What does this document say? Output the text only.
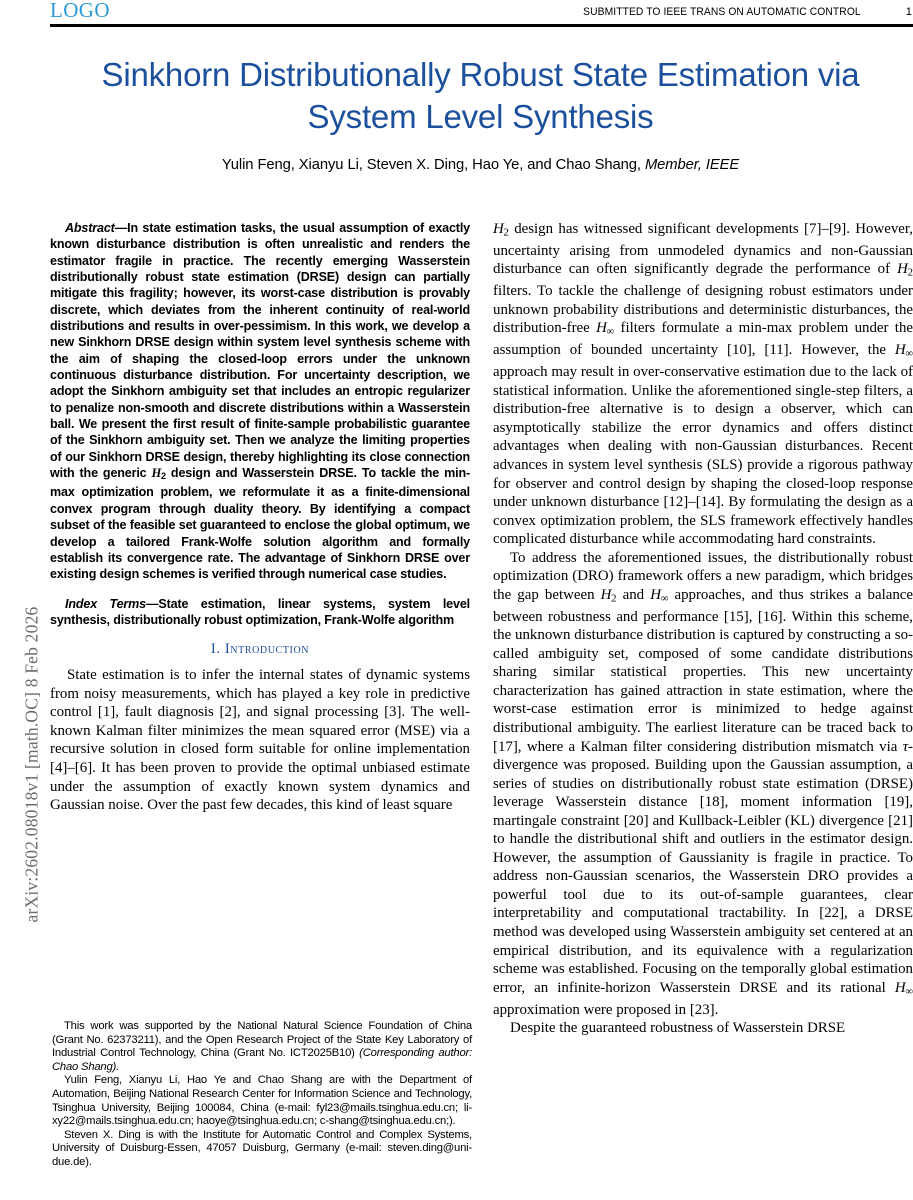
arXiv:2602.08018v1 [math.OC] 8 Feb 2026
LOGO	SUBMITTED TO IEEE TRANS ON AUTOMATIC CONTROL	1
Sinkhorn Distributionally Robust State Estimation via System Level Synthesis
Yulin Feng, Xianyu Li, Steven X. Ding, Hao Ye, and Chao Shang, Member, IEEE

Abstract—In state estimation tasks, the usual assumption of exactly known disturbance distribution is often unrealistic and renders the estimator fragile in practice. The recently emerging Wasserstein distributionally robust state estimation (DRSE) design can partially mitigate this fragility; however, its worst-case distribution is provably discrete, which deviates from the inherent continuity of real-world distributions and results in over-pessimism. In this work, we develop a new Sinkhorn DRSE design within system level synthesis scheme with the aim of shaping the closed-loop errors under the unknown continuous disturbance distribution. For uncertainty description, we adopt the Sinkhorn ambiguity set that includes an entropic regularizer to penalize non-smooth and discrete distributions within a Wasserstein ball. We present the first result of finite-sample probabilistic guarantee of the Sinkhorn ambiguity set. Then we analyze the limiting properties of our Sinkhorn DRSE design, thereby highlighting its close connection with the generic $H_2$ design and Wasserstein DRSE. To tackle the min-max optimization problem, we reformulate it as a finite-dimensional convex program through duality theory. By identifying a compact subset of the feasible set guaranteed to enclose the global optimum, we develop a tailored Frank-Wolfe solution algorithm and formally establish its convergence rate. The advantage of Sinkhorn DRSE over existing design schemes is verified through numerical case studies.

Index Terms—State estimation, linear systems, system level synthesis, distributionally robust optimization, Frank-Wolfe algorithm

I. Introduction

State estimation is to infer the internal states of dynamic systems from noisy measurements, which has played a key role in predictive control [1], fault diagnosis [2], and signal processing [3]. The well-known Kalman filter minimizes the mean squared error (MSE) via a recursive solution in closed form suitable for online implementation [4]–[6]. It has been proven to provide the optimal unbiased estimate under the assumption of exactly known system dynamics and Gaussian noise. Over the past few decades, this kind of least square

This work was supported by the National Natural Science Foundation of China (Grant No. 62373211), and the Open Research Project of the State Key Laboratory of Industrial Control Technology, China (Grant No. ICT2025B10) (Corresponding author: Chao Shang).

Yulin Feng, Xianyu Li, Hao Ye and Chao Shang are with the Department of Automation, Beijing National Research Center for Information Science and Technology, Tsinghua University, Beijing 100084, China (e-mail: fyl23@mails.tsinghua.edu.cn; li-xy22@mails.tsinghua.edu.cn; haoye@tsinghua.edu.cn; c-shang@tsinghua.edu.cn;).

Steven X. Ding is with the Institute for Automatic Control and Complex Systems, University of Duisburg-Essen, 47057 Duisburg, Germany (e-mail: steven.ding@uni-due.de).

$H_2$ design has witnessed significant developments [7]–[9]. However, uncertainty arising from unmodeled dynamics and non-Gaussian disturbance can often significantly degrade the performance of $H_2$ filters. To tackle the challenge of designing robust estimators under unknown probability distributions and deterministic disturbances, the distribution-free $H_\infty$ filters formulate a min-max problem under the assumption of bounded uncertainty [10], [11]. However, the $H_\infty$ approach may result in over-conservative estimation due to the lack of statistical information. Unlike the aforementioned single-step filters, a distribution-free alternative is to design a observer, which can asymptotically stabilize the error dynamics and offers distinct advantages when dealing with non-Gaussian disturbances. Recent advances in system level synthesis (SLS) provide a rigorous pathway for observer and control design by shaping the closed-loop response under unknown disturbance [12]–[14]. By formulating the design as a convex optimization problem, the SLS framework effectively handles complicated disturbance while accommodating hard constraints.

To address the aforementioned issues, the distributionally robust optimization (DRO) framework offers a new paradigm, which bridges the gap between $H_2$ and $H_\infty$ approaches, and thus strikes a balance between robustness and performance [15], [16]. Within this scheme, the unknown disturbance distribution is captured by constructing a so-called ambiguity set, composed of some candidate distributions sharing similar statistical properties. This new uncertainty characterization has gained attraction in state estimation, where the worst-case estimation error is minimized to hedge against distributional ambiguity. The earliest literature can be traced back to [17], where a Kalman filter considering distribution mismatch via τ-divergence was proposed. Building upon the Gaussian assumption, a series of studies on distributionally robust state estimation (DRSE) leverage Wasserstein distance [18], moment information [19], martingale constraint [20] and Kullback-Leibler (KL) divergence [21] to handle the distributional shift and outliers in the estimator design. However, the assumption of Gaussianity is fragile in practice. To address non-Gaussian scenarios, the Wasserstein DRO provides a powerful tool due to its out-of-sample guarantees, clear interpretability and computational tractability. In [22], a DRSE method was developed using Wasserstein ambiguity set centered at an empirical distribution, and its equivalence with a regularization scheme was established. Focusing on the temporally global estimation error, an infinite-horizon Wasserstein DRSE and its rational $H_\infty$ approximation were proposed in [23].

Despite the guaranteed robustness of Wasserstein DRSE
